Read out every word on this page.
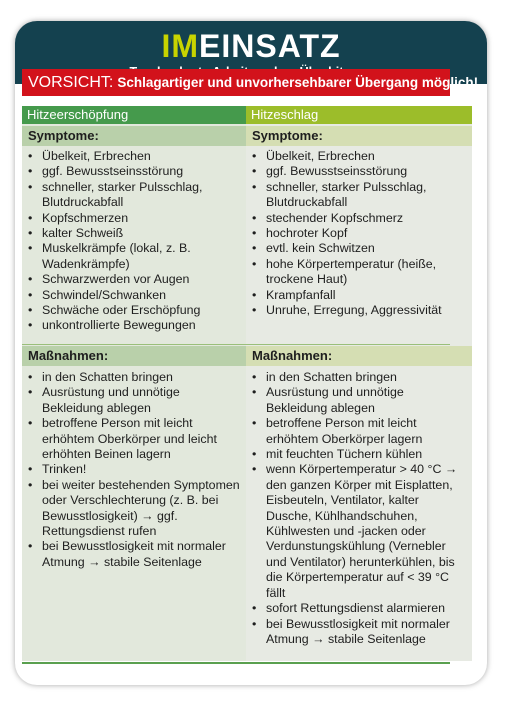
IMEINSATZ
VORSICHT: Schlagartiger und unvorhersehbarer Übergang möglich!
Hitzeerschöpfung
Symptome:
• Übelkeit, Erbrechen
• ggf. Bewusstseinsstörung
• schneller, starker Pulsschlag, Blutdruckabfall
• Kopfschmerzen
• kalter Schweiß
• Muskelkrämpfe (lokal, z. B. Wadenkrämpfe)
• Schwarzwerden vor Augen
• Schwindel/Schwanken
• Schwäche oder Erschöpfung
• unkontrollierte Bewegungen
Maßnahmen:
• in den Schatten bringen
• Ausrüstung und unnötige Bekleidung ablegen
• betroffene Person mit leicht erhöhtem Oberkörper und leicht erhöhten Beinen lagern
• Trinken!
• bei weiter bestehenden Symptomen oder Verschlechterung (z. B. bei Bewusstlosigkeit) → ggf. Rettungsdienst rufen
• bei Bewusstlosigkeit mit normaler Atmung → stabile Seitenlage
Hitzeschlag
Symptome:
• Übelkeit, Erbrechen
• ggf. Bewusstseinsstörung
• schneller, starker Pulsschlag, Blutdruckabfall
• stechender Kopfschmerz
• hochroter Kopf
• evtl. kein Schwitzen
• hohe Körpertemperatur (heiße, trockene Haut)
• Krampfanfall
• Unruhe, Erregung, Aggressivität
Maßnahmen:
• in den Schatten bringen
• Ausrüstung und unnötige Bekleidung ablegen
• betroffene Person mit leicht erhöhtem Oberkörper lagern
• mit feuchten Tüchern kühlen
• wenn Körpertemperatur > 40 °C → den ganzen Körper mit Eisplatten, Eisbeuteln, Ventilator, kalter Dusche, Kühlhandschuhen, Kühlwesten und -jacken oder Verdunstungskühlung (Vernebler und Ventilator) herunterkühlen, bis die Körpertemperatur auf < 39 °C fällt
• sofort Rettungsdienst alarmieren
• bei Bewusstlosigkeit mit normaler Atmung → stabile Seitenlage
